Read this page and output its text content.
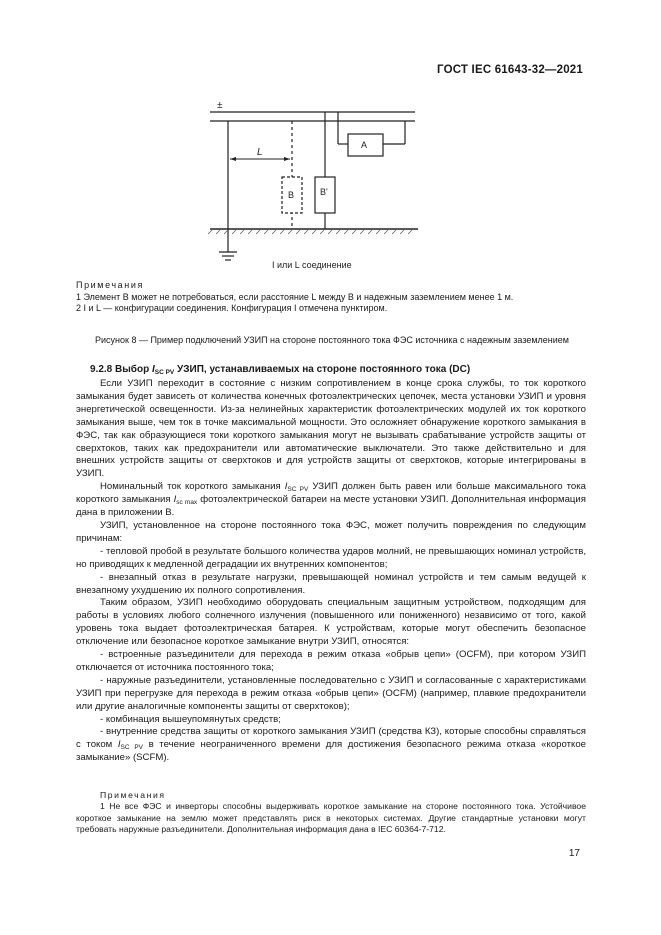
ГОСТ IEC 61643-32—2021
±
L
B	B'
A
I или L соединение
Примечания
1 Элемент В может не потребоваться, если расстояние L между В и надежным заземлением менее 1 м.
2 I и L — конфигурации соединения. Конфигурация I отмечена пунктиром.
Рисунок 8 — Пример подключений УЗИП на стороне постоянного тока ФЭС источника с надежным заземлением
9.2.8 Выбор $I_{SC PV}$ УЗИП, устанавливаемых на стороне постоянного тока (DC)

Если УЗИП переходит в состояние с низким сопротивлением в конце срока службы, то ток короткого замыкания будет зависеть от количества конечных фотоэлектрических цепочек, места установки УЗИП и уровня энергетической освещенности. Из-за нелинейных характеристик фотоэлектрических модулей их ток короткого замыкания выше, чем ток в точке максимальной мощности. Это осложняет обнаружение короткого замыкания в ФЭС, так как образующиеся токи короткого замыкания могут не вызывать срабатывание устройств защиты от сверхтоков, таких как предохранители или автоматические выключатели. Это также действительно и для внешних устройств защиты от сверхтоков и для устройств защиты от сверхтоков, которые интегрированы в УЗИП.

Номинальный ток короткого замыкания $I_{SC PV}$ УЗИП должен быть равен или больше максимального тока короткого замыкания $I_{sc max}$ фотоэлектрической батареи на месте установки УЗИП. Дополнительная информация дана в приложении В.

УЗИП, установленное на стороне постоянного тока ФЭС, может получить повреждения по следующим причинам:

- тепловой пробой в результате большого количества ударов молний, не превышающих номинал устройств, но приводящих к медленной деградации их внутренних компонентов;

- внезапный отказ в результате нагрузки, превышающей номинал устройств и тем самым ведущей к внезапному ухудшению их полного сопротивления.

Таким образом, УЗИП необходимо оборудовать специальным защитным устройством, подходящим для работы в условиях любого солнечного излучения (повышенного или пониженного) независимо от того, какой уровень тока выдает фотоэлектрическая батарея. К устройствам, которые могут обеспечить безопасное отключение или безопасное короткое замыкание внутри УЗИП, относятся:

- встроенные разъединители для перехода в режим отказа «обрыв цепи» (OCFM), при котором УЗИП отключается от источника постоянного тока;

- наружные разъединители, установленные последовательно с УЗИП и согласованные с характеристиками УЗИП при перегрузке для перехода в режим отказа «обрыв цепи» (OCFM) (например, плавкие предохранители или другие аналогичные компоненты защиты от сверхтоков);

- комбинация вышеупомянутых средств;

- внутренние средства защиты от короткого замыкания УЗИП (средства КЗ), которые способны справляться с током $I_{SC PV}$ в течение неограниченного времени для достижения безопасного режима отказа «короткое замыкание» (SCFM).

Примечания

1 Не все ФЭС и инверторы способны выдерживать короткое замыкание на стороне постоянного тока. Устойчивое короткое замыкание на землю может представлять риск в некоторых системах. Другие стандартные установки могут требовать наружные разъединители. Дополнительная информация дана в IEC 60364-7-712.

17
